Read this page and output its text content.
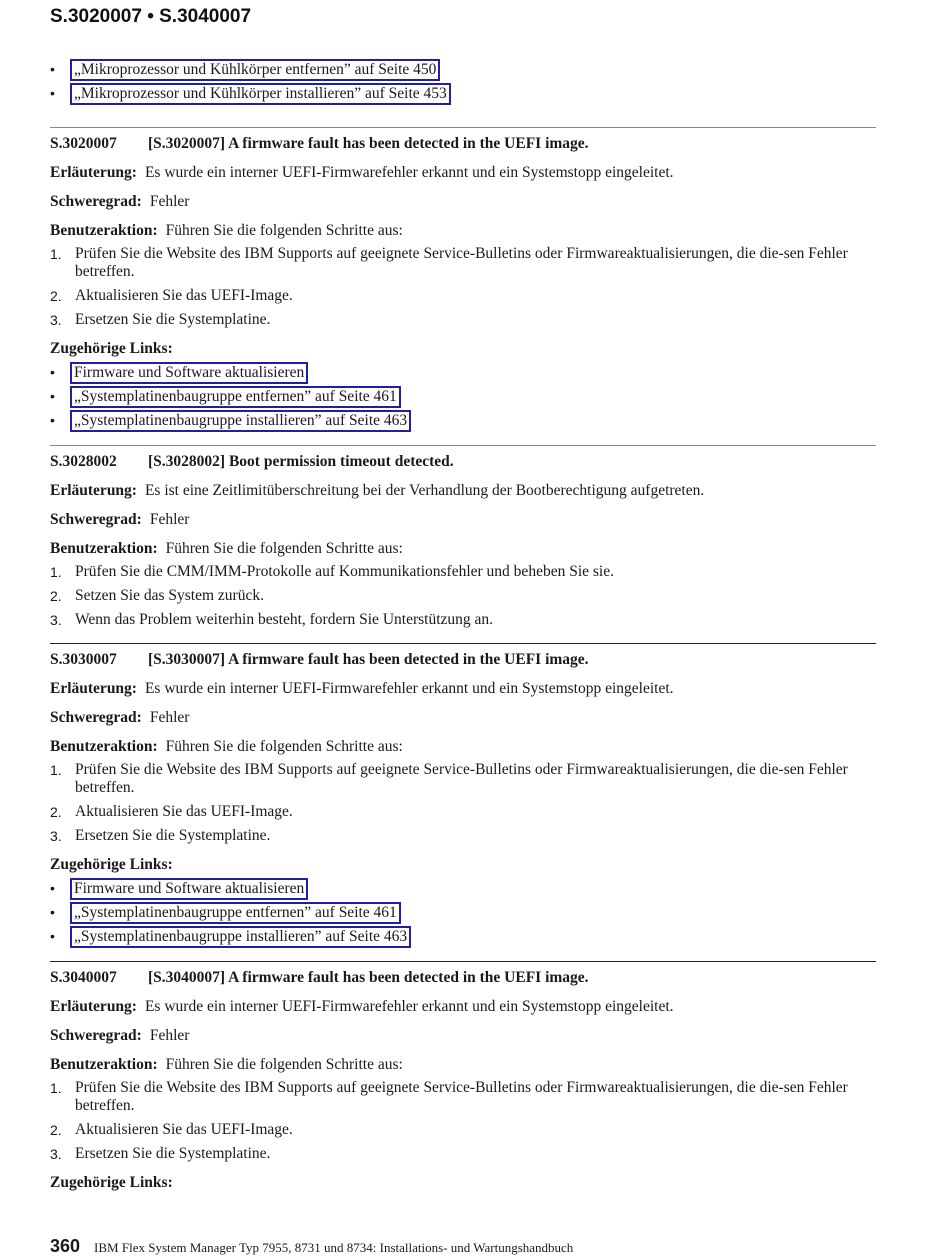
S.3020007 • S.3040007
•	„Mikroprozessor und Kühlkörper entfernen” auf Seite 450
•	„Mikroprozessor und Kühlkörper installieren” auf Seite 453
S.3020007	[S.3020007] A firmware fault has been detected in the UEFI image.
Erläuterung: Es wurde ein interner UEFI-Firmwarefehler erkannt und ein Systemstopp eingeleitet.
Schweregrad: Fehler
Benutzeraktion: Führen Sie die folgenden Schritte aus:
1. Prüfen Sie die Website des IBM Supports auf geeignete Service-Bulletins oder Firmwareaktualisierungen, die die-sen Fehler betreffen.
2. Aktualisieren Sie das UEFI-Image.
3. Ersetzen Sie die Systemplatine.
Zugehörige Links:
•	Firmware und Software aktualisieren
•	„Systemplatinenbaugruppe entfernen” auf Seite 461
•	„Systemplatinenbaugruppe installieren” auf Seite 463
S.3028002	[S.3028002] Boot permission timeout detected.
Erläuterung: Es ist eine Zeitlimitüberschreitung bei der Verhandlung der Bootberechtigung aufgetreten.
Schweregrad: Fehler
Benutzeraktion: Führen Sie die folgenden Schritte aus:
1. Prüfen Sie die CMM/IMM-Protokolle auf Kommunikationsfehler und beheben Sie sie.
2. Setzen Sie das System zurück.
3. Wenn das Problem weiterhin besteht, fordern Sie Unterstützung an.
S.3030007	[S.3030007] A firmware fault has been detected in the UEFI image.
Erläuterung: Es wurde ein interner UEFI-Firmwarefehler erkannt und ein Systemstopp eingeleitet.
Schweregrad: Fehler
Benutzeraktion: Führen Sie die folgenden Schritte aus:
1. Prüfen Sie die Website des IBM Supports auf geeignete Service-Bulletins oder Firmwareaktualisierungen, die die-sen Fehler betreffen.
2. Aktualisieren Sie das UEFI-Image.
3. Ersetzen Sie die Systemplatine.
Zugehörige Links:
•	Firmware und Software aktualisieren
•	„Systemplatinenbaugruppe entfernen” auf Seite 461
•	„Systemplatinenbaugruppe installieren” auf Seite 463
S.3040007	[S.3040007] A firmware fault has been detected in the UEFI image.
Erläuterung: Es wurde ein interner UEFI-Firmwarefehler erkannt und ein Systemstopp eingeleitet.
Schweregrad: Fehler
Benutzeraktion: Führen Sie die folgenden Schritte aus:
1. Prüfen Sie die Website des IBM Supports auf geeignete Service-Bulletins oder Firmwareaktualisierungen, die die-sen Fehler betreffen.
2. Aktualisieren Sie das UEFI-Image.
3. Ersetzen Sie die Systemplatine.
Zugehörige Links:
360 IBM Flex System Manager Typ 7955, 8731 und 8734: Installations- und Wartungshandbuch
